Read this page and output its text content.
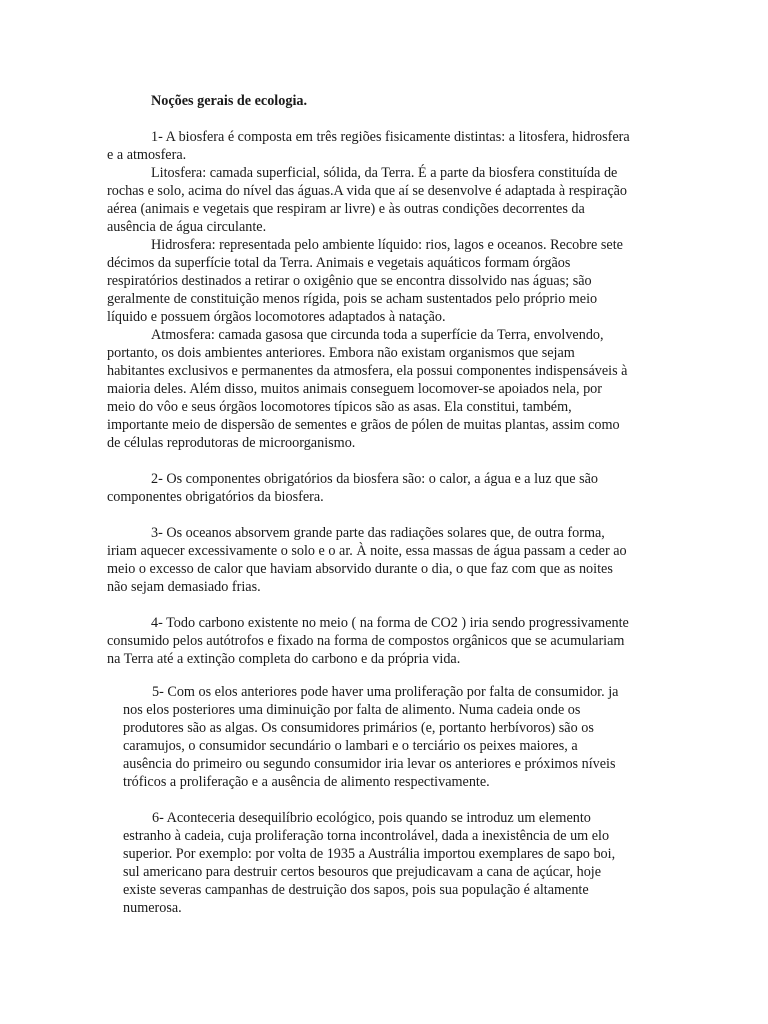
Noções gerais de ecologia.

1- A biosfera é composta em três regiões fisicamente distintas: a litosfera, hidrosfera
e a atmosfera.
Litosfera: camada superficial, sólida, da Terra. É a parte da biosfera constituída de
rochas e solo, acima do nível das águas.A vida que aí se desenvolve é adaptada à respiração
aérea (animais e vegetais que respiram ar livre) e às outras condições decorrentes da
ausência de água circulante.
Hidrosfera: representada pelo ambiente líquido: rios, lagos e oceanos. Recobre sete
décimos da superfície total da Terra. Animais e vegetais aquáticos formam órgãos
respiratórios destinados a retirar o oxigênio que se encontra dissolvido nas águas; são
geralmente de constituição menos rígida, pois se acham sustentados pelo próprio meio
líquido e possuem órgãos locomotores adaptados à natação.
Atmosfera: camada gasosa que circunda toda a superfície da Terra, envolvendo,
portanto, os dois ambientes anteriores. Embora não existam organismos que sejam
habitantes exclusivos e permanentes da atmosfera, ela possui componentes indispensáveis à
maioria deles. Além disso, muitos animais conseguem locomover-se apoiados nela, por
meio do vôo e seus órgãos locomotores típicos são as asas. Ela constitui, também,
importante meio de dispersão de sementes e grãos de pólen de muitas plantas, assim como
de células reprodutoras de microorganismo.

2- Os componentes obrigatórios da biosfera são: o calor, a água e a luz que são
componentes obrigatórios da biosfera.

3- Os oceanos absorvem grande parte das radiações solares que, de outra forma,
iriam aquecer excessivamente o solo e o ar. À noite, essa massas de água passam a ceder ao
meio o excesso de calor que haviam absorvido durante o dia, o que faz com que as noites
não sejam demasiado frias.

4- Todo carbono existente no meio ( na forma de CO2 ) iria sendo progressivamente
consumido pelos autótrofos e fixado na forma de compostos orgânicos que se acumulariam
na Terra até a extinção completa do carbono e da própria vida.

5- Com os elos anteriores pode haver uma proliferação por falta de consumidor. ja
nos elos posteriores uma diminuição por falta de alimento. Numa cadeia onde os
produtores são as algas. Os consumidores primários (e, portanto herbívoros) são os
caramujos, o consumidor secundário o lambari e o terciário os peixes maiores, a
ausência do primeiro ou segundo consumidor iria levar os anteriores e próximos níveis
tróficos a proliferação e a ausência de alimento respectivamente.

6- Aconteceria desequilíbrio ecológico, pois quando se introduz um elemento
estranho à cadeia, cuja proliferação torna incontrolável, dada a inexistência de um elo
superior. Por exemplo: por volta de 1935 a Austrália importou exemplares de sapo boi,
sul americano para destruir certos besouros que prejudicavam a cana de açúcar, hoje
existe severas campanhas de destruição dos sapos, pois sua população é altamente
numerosa.
